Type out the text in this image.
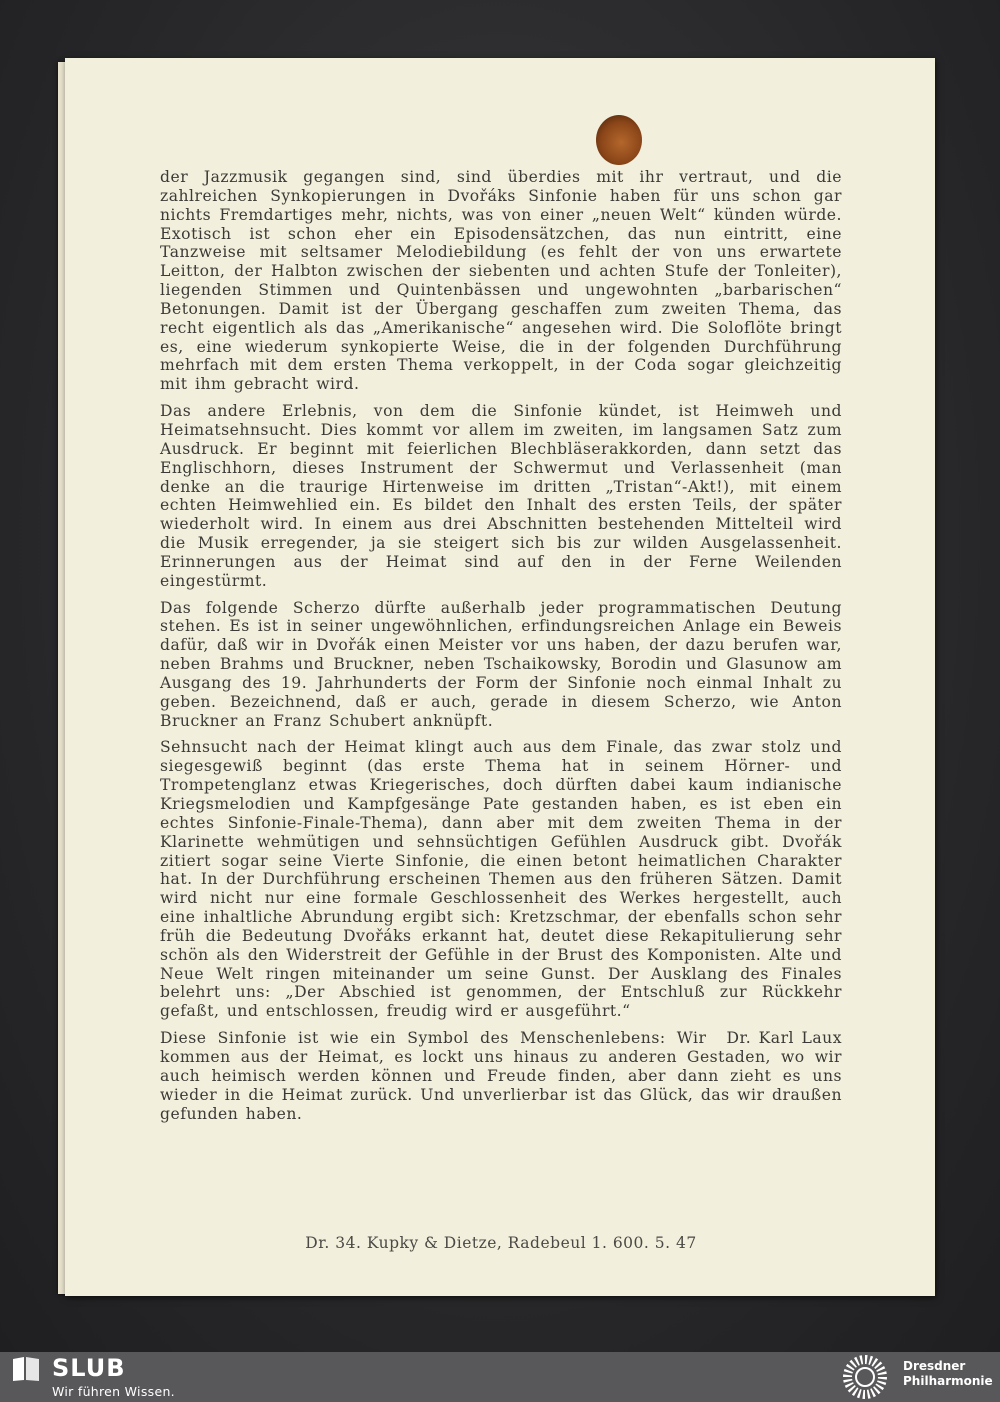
der Jazzmusik gegangen sind, sind überdies mit ihr vertraut, und die zahlreichen Synkopierungen in Dvořáks Sinfonie haben für uns schon gar nichts Fremdartiges mehr, nichts, was von einer „neuen Welt“ künden würde. Exotisch ist schon eher ein Episodensätzchen, das nun eintritt, eine Tanzweise mit seltsamer Melodiebildung (es fehlt der von uns erwartete Leitton, der Halbton zwischen der siebenten und achten Stufe der Tonleiter), liegenden Stimmen und Quintenbässen und ungewohnten „barbarischen“ Betonungen. Damit ist der Übergang geschaffen zum zweiten Thema, das recht eigentlich als das „Amerikanische“ angesehen wird. Die Soloflöte bringt es, eine wiederum synkopierte Weise, die in der folgenden Durchführung mehrfach mit dem ersten Thema verkoppelt, in der Coda sogar gleichzeitig mit ihm gebracht wird.

Das andere Erlebnis, von dem die Sinfonie kündet, ist Heimweh und Heimatsehnsucht. Dies kommt vor allem im zweiten, im langsamen Satz zum Ausdruck. Er beginnt mit feierlichen Blechbläserakkorden, dann setzt das Englischhorn, dieses Instrument der Schwermut und Verlassenheit (man denke an die traurige Hirtenweise im dritten „Tristan“-Akt!), mit einem echten Heimwehlied ein. Es bildet den Inhalt des ersten Teils, der später wiederholt wird. In einem aus drei Abschnitten bestehenden Mittelteil wird die Musik erregender, ja sie steigert sich bis zur wilden Ausgelassenheit. Erinnerungen aus der Heimat sind auf den in der Ferne Weilenden eingestürmt.

Das folgende Scherzo dürfte außerhalb jeder programmatischen Deutung stehen. Es ist in seiner ungewöhnlichen, erfindungsreichen Anlage ein Beweis dafür, daß wir in Dvořák einen Meister vor uns haben, der dazu berufen war, neben Brahms und Bruckner, neben Tschaikowsky, Borodin und Glasunow am Ausgang des 19. Jahrhunderts der Form der Sinfonie noch einmal Inhalt zu geben. Bezeichnend, daß er auch, gerade in diesem Scherzo, wie Anton Bruckner an Franz Schubert anknüpft.

Sehnsucht nach der Heimat klingt auch aus dem Finale, das zwar stolz und siegesgewiß beginnt (das erste Thema hat in seinem Hörner- und Trompetenglanz etwas Kriegerisches, doch dürften dabei kaum indianische Kriegsmelodien und Kampfgesänge Pate gestanden haben, es ist eben ein echtes Sinfonie-Finale-Thema), dann aber mit dem zweiten Thema in der Klarinette wehmütigen und sehnsüchtigen Gefühlen Ausdruck gibt. Dvořák zitiert sogar seine Vierte Sinfonie, die einen betont heimatlichen Charakter hat. In der Durchführung erscheinen Themen aus den früheren Sätzen. Damit wird nicht nur eine formale Geschlossenheit des Werkes hergestellt, auch eine inhaltliche Abrundung ergibt sich: Kretzschmar, der ebenfalls schon sehr früh die Bedeutung Dvořáks erkannt hat, deutet diese Rekapitulierung sehr schön als den Widerstreit der Gefühle in der Brust des Komponisten. Alte und Neue Welt ringen miteinander um seine Gunst. Der Ausklang des Finales belehrt uns: „Der Abschied ist genommen, der Entschluß zur Rückkehr gefaßt, und entschlossen, freudig wird er ausgeführt.“

Dr. Karl Laux
Diese Sinfonie ist wie ein Symbol des Menschenlebens: Wir kommen aus der Heimat, es lockt uns hinaus zu anderen Gestaden, wo wir auch heimisch werden können und Freude finden, aber dann zieht es uns wieder in die Heimat zurück. Und unverlierbar ist das Glück, das wir draußen gefunden haben.

Dr. 34. Kupky & Dietze, Radebeul 1. 600. 5. 47
SLUB
Wir führen Wissen.
Dresdner
Philharmonie
